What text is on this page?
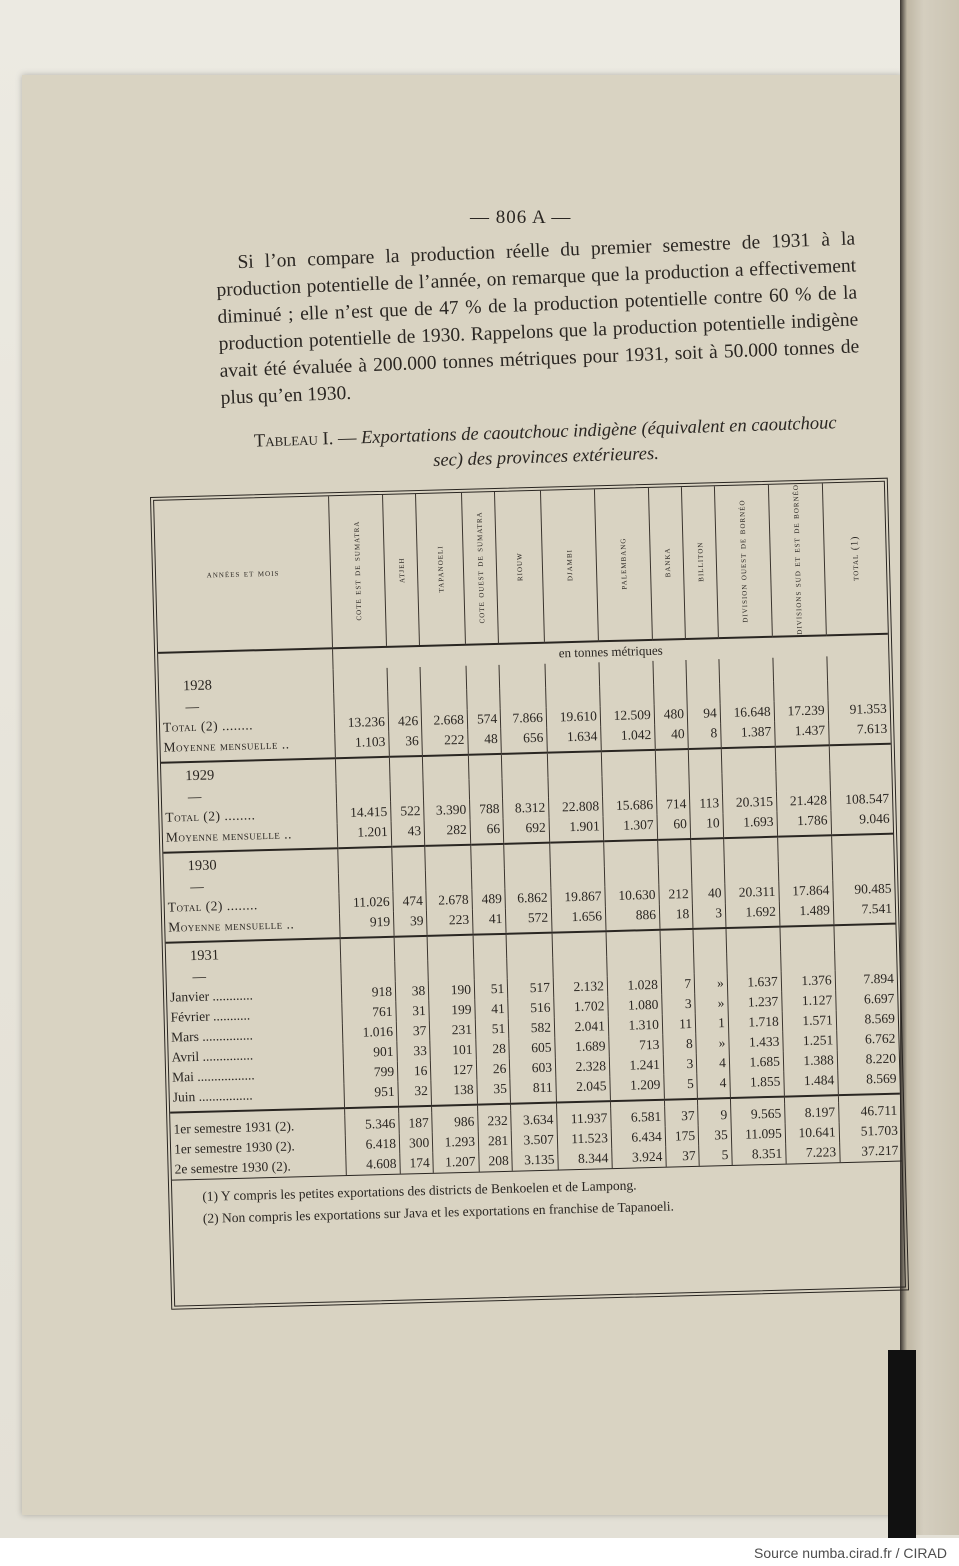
— 806 A —

Si l’on compare la production réelle du premier semestre de 1931 à la production potentielle de l’année, on remarque que la production a effectivement diminué ; elle n’est que de 47 % de la production potentielle contre 60 % de la production potentielle de 1930. Rappelons que la production potentielle indigène avait été évaluée à 200.000 tonnes métriques pour 1931, soit à 50.000 tonnes de plus qu’en 1930.

Tableau I. — Exportations de caoutchouc indigène (équivalent en caoutchouc sec) des provinces extérieures.
années et mois	cote est de sumatra	atjeh	tapanoeli	cote ouest de sumatra	riouw	djambi	palembang	banka	billiton	division ouest de bornéo	divisions sud et est de bornéo	total (1)

	en tonnes métriques											
1928												
—												
Total (2) ........	13.236	426	2.668	574	7.866	19.610	12.509	480	94	16.648	17.239	91.353
Moyenne mensuelle ..	1.103	36	222	48	656	1.634	1.042	40	8	1.387	1.437	7.613
1929												
—												
Total (2) ........	14.415	522	3.390	788	8.312	22.808	15.686	714	113	20.315	21.428	108.547
Moyenne mensuelle ..	1.201	43	282	66	692	1.901	1.307	60	10	1.693	1.786	9.046
1930												
—												
Total (2) ........	11.026	474	2.678	489	6.862	19.867	10.630	212	40	20.311	17.864	90.485
Moyenne mensuelle ..	919	39	223	41	572	1.656	886	18	3	1.692	1.489	7.541
1931												
—												
Janvier ............	918	38	190	51	517	2.132	1.028	7	»	1.637	1.376	7.894
Février ...........	761	31	199	41	516	1.702	1.080	3	»	1.237	1.127	6.697
Mars ...............	1.016	37	231	51	582	2.041	1.310	11	1	1.718	1.571	8.569
Avril ...............	901	33	101	28	605	1.689	713	8	»	1.433	1.251	6.762
Mai .................	799	16	127	26	603	2.328	1.241	3	4	1.685	1.388	8.220
Juin ................	951	32	138	35	811	2.045	1.209	5	4	1.855	1.484	8.569

1er semestre 1931 (2).	5.346	187	986	232	3.634	11.937	6.581	37	9	9.565	8.197	46.711
1er semestre 1930 (2).	6.418	300	1.293	281	3.507	11.523	6.434	175	35	11.095	10.641	51.703
2e semestre 1930 (2).	4.608	174	1.207	208	3.135	8.344	3.924	37	5	8.351	7.223	37.217
(1) Y compris les petites exportations des districts de Benkoelen et de Lampong.
(2) Non compris les exportations sur Java et les exportations en franchise de Tapanoeli.
Source numba.cirad.fr / CIRAD
